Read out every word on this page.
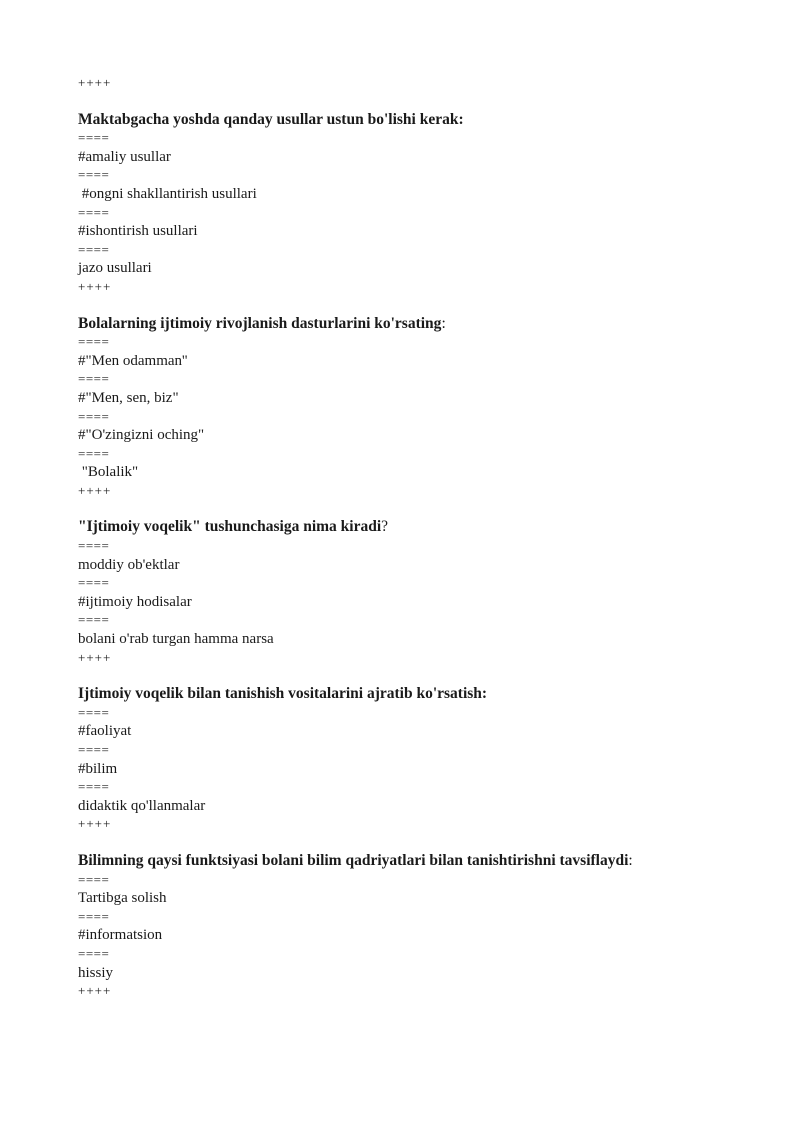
++++
Maktabgacha yoshda qanday usullar ustun bo'lishi kerak:
====
#amaliy usullar
====
#ongni shakllantirish usullari
====
#ishontirish usullari
====
jazo usullari
++++
Bolalarning ijtimoiy rivojlanish dasturlarini ko'rsating:
====
#"Men odamman''
====
#"Men, sen, biz"
====
#"O'zingizni oching"
====
"Bolalik"
++++
"Ijtimoiy voqelik" tushunchasiga nima kiradi?
====
moddiy ob'ektlar
====
#ijtimoiy hodisalar
====
bolani o'rab turgan hamma narsa
++++
Ijtimoiy voqelik bilan tanishish vositalarini ajratib ko'rsatish:
====
#faoliyat
====
#bilim
====
didaktik qo'llanmalar
++++
Bilimning qaysi funktsiyasi bolani bilim qadriyatlari bilan tanishtirishni tavsiflaydi:
====
Tartibga solish
====
#informatsion
====
hissiy
++++
